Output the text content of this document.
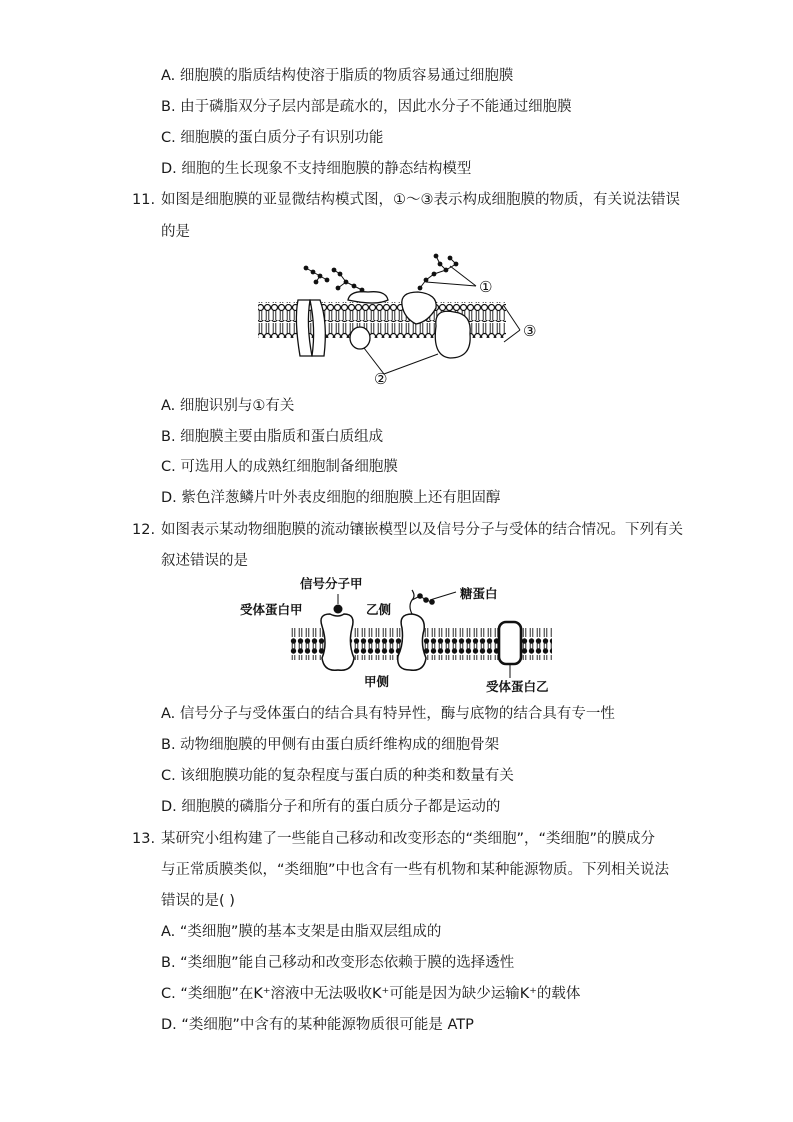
A. 细胞膜的脂质结构使溶于脂质的物质容易通过细胞膜
B. 由于磷脂双分子层内部是疏水的，因此水分子不能通过细胞膜
C. 细胞膜的蛋白质分子有识别功能
D. 细胞的生长现象不支持细胞膜的静态结构模型
11. 如图是细胞膜的亚显微结构模式图，①～③表示构成细胞膜的物质，有关说法错误
的是
①
③
②
A. 细胞识别与①有关
B. 细胞膜主要由脂质和蛋白质组成
C. 可选用人的成熟红细胞制备细胞膜
D. 紫色洋葱鳞片叶外表皮细胞的细胞膜上还有胆固醇
12. 如图表示某动物细胞膜的流动镶嵌模型以及信号分子与受体的结合情况。下列有关
叙述错误的是
信号分子甲
受体蛋白甲	乙侧
糖蛋白
甲侧	受体蛋白乙
A. 信号分子与受体蛋白的结合具有特异性，酶与底物的结合具有专一性
B. 动物细胞膜的甲侧有由蛋白质纤维构成的细胞骨架
C. 该细胞膜功能的复杂程度与蛋白质的种类和数量有关
D. 细胞膜的磷脂分子和所有的蛋白质分子都是运动的
13. 某研究小组构建了一些能自己移动和改变形态的“类细胞”，“类细胞”的膜成分
与正常质膜类似，“类细胞”中也含有一些有机物和某种能源物质。下列相关说法
错误的是( )
A. “类细胞”膜的基本支架是由脂双层组成的
B. “类细胞”能自己移动和改变形态依赖于膜的选择透性
C. “类细胞”在K⁺溶液中无法吸收K⁺可能是因为缺少运输K⁺的载体
D. “类细胞”中含有的某种能源物质很可能是 ATP
